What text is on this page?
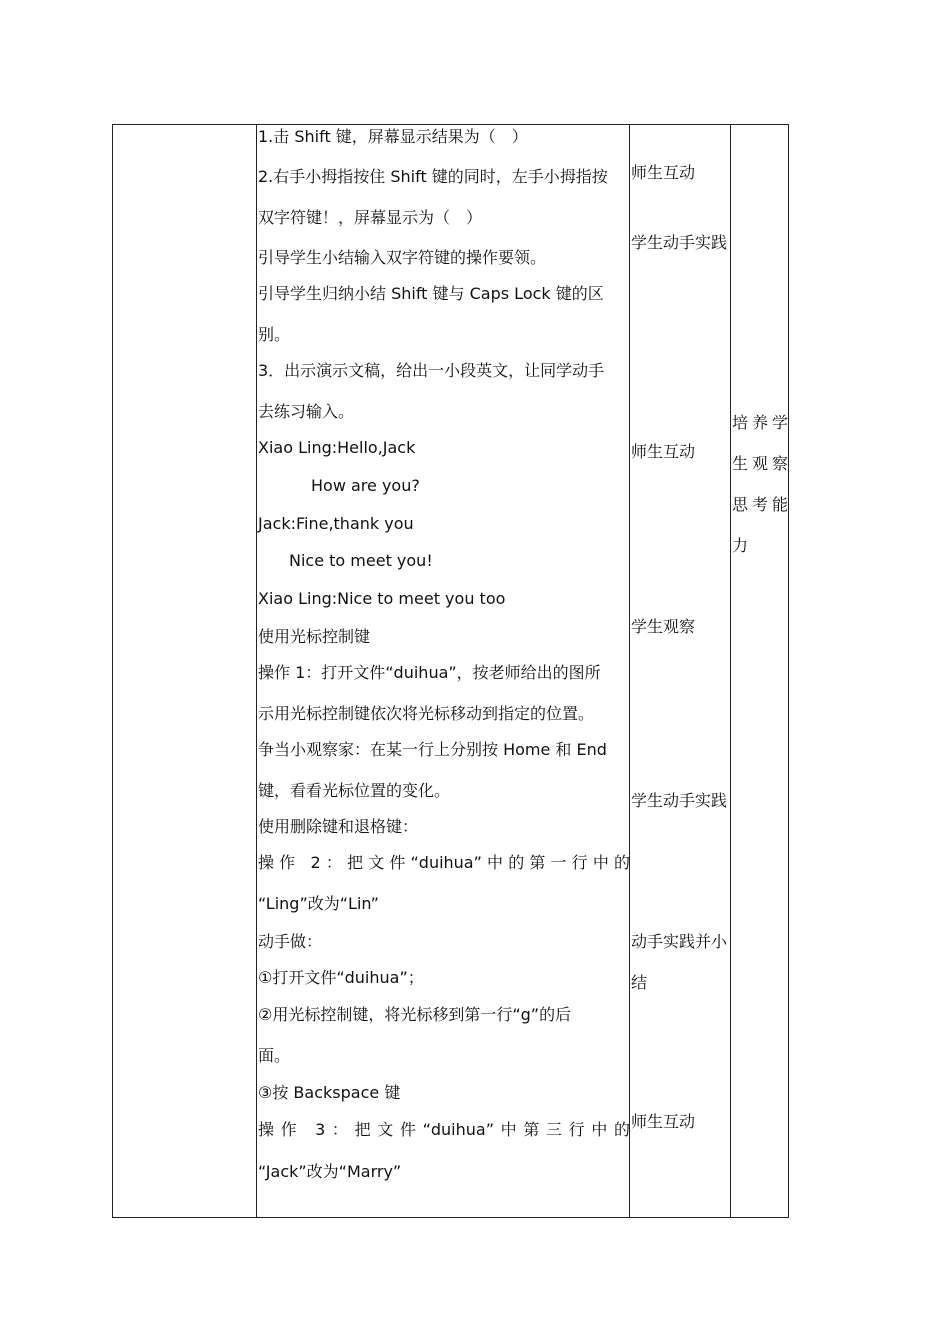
1.击 Shift 键，屏幕显示结果为（　）
2.右手小拇指按住 Shift 键的同时，左手小拇指按
双字符键！，屏幕显示为（　）
引导学生小结输入双字符键的操作要领。
引导学生归纳小结 Shift 键与 Caps Lock 键的区
别。
3．出示演示文稿，给出一小段英文，让同学动手
去练习输入。
Xiao Ling:Hello,Jack
How are you?
Jack:Fine,thank you
Nice to meet you!
Xiao Ling:Nice to meet you too
使用光标控制键
操作 1：打开文件“duihua”，按老师给出的图所
示用光标控制键依次将光标移动到指定的位置。
争当小观察家：在某一行上分别按 Home 和 End
键，看看光标位置的变化。
使用删除键和退格键：
操作 2：把文件“duihua”中的第一行中的
“Ling”改为“Lin”
动手做：
①打开文件“duihua”；
②用光标控制键，将光标移到第一行“g”的后
面。
③按 Backspace 键
操作 3：把文件“duihua”中第三行中的
“Jack”改为“Marry”
师生互动
学生动手实践
师生互动
学生观察
学生动手实践
动手实践并小
结
师生互动
培养学
生观察
思考能
力
